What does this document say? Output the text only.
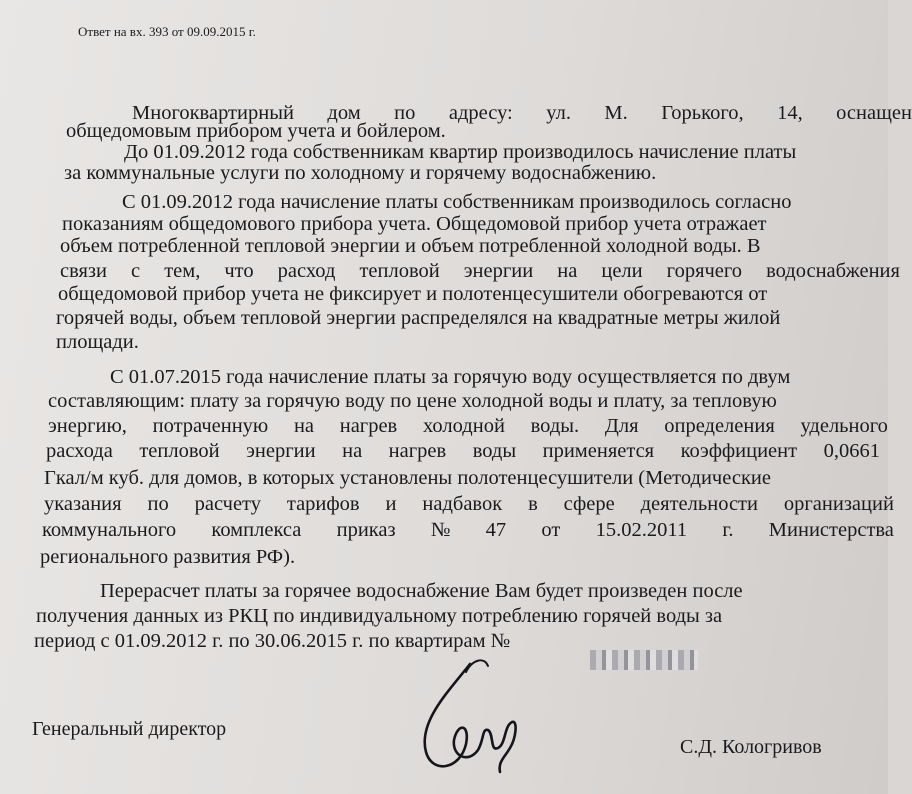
Ответ на вх. 393 от 09.09.2015 г.
Многоквартирный дом по адресу: ул. М. Горького, 14, оснащен
общедомовым прибором учета и бойлером.
До 01.09.2012 года собственникам квартир производилось начисление платы
за коммунальные услуги по холодному и горячему водоснабжению.
С 01.09.2012 года начисление платы собственникам производилось согласно
показаниям общедомового прибора учета. Общедомовой прибор учета отражает
объем потребленной тепловой энергии и объем потребленной холодной воды. В
связи с тем, что расход тепловой энергии на цели горячего водоснабжения
общедомовой прибор учета не фиксирует и полотенцесушители обогреваются от
горячей воды, объем тепловой энергии распределялся на квадратные метры жилой
площади.
С 01.07.2015 года начисление платы за горячую воду осуществляется по двум
составляющим: плату за горячую воду по цене холодной воды и плату, за тепловую
энергию, потраченную на нагрев холодной воды. Для определения удельного
расхода тепловой энергии на нагрев воды применяется коэффициент 0,0661
Гкал/м куб. для домов, в которых установлены полотенцесушители (Методические
указания по расчету тарифов и надбавок в сфере деятельности организаций
коммунального комплекса приказ № 47 от 15.02.2011 г. Министерства
регионального развития РФ).
Перерасчет платы за горячее водоснабжение Вам будет произведен после
получения данных из РКЦ по индивидуальному потреблению горячей воды за
период с 01.09.2012 г. по 30.06.2015 г. по квартирам №
Генеральный директор
С.Д. Кологривов
